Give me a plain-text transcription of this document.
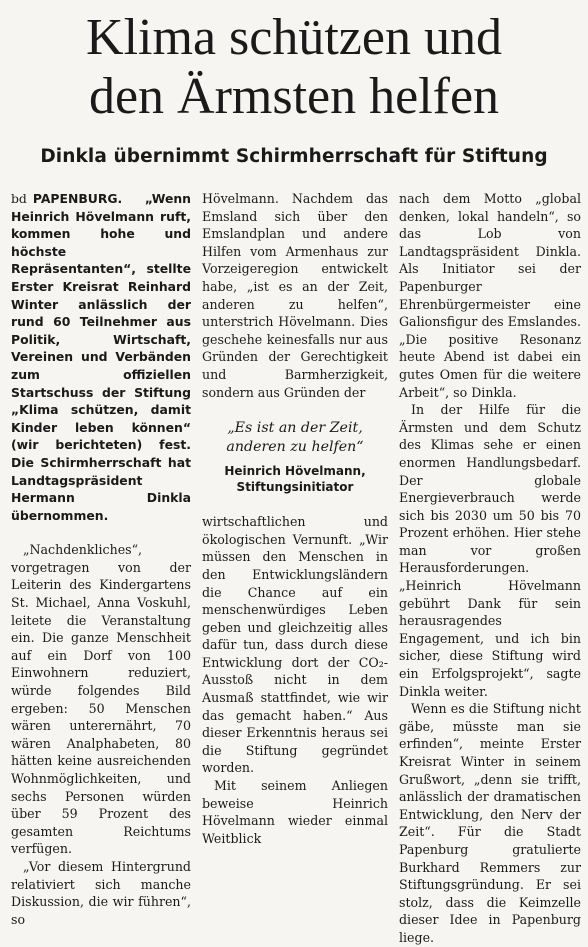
Klima schützen und
den Ärmsten helfen
Dinkla übernimmt Schirmherrschaft für Stiftung

bd PAPENBURG. „Wenn Heinrich Hövelmann ruft, kommen hohe und höchste Repräsentanten“, stellte Erster Kreisrat Reinhard Winter anlässlich der rund 60 Teilnehmer aus Politik, Wirtschaft, Vereinen und Verbänden zum offiziellen Startschuss der Stiftung „Klima schützen, damit Kinder leben können“ (wir berichteten) fest. Die Schirmherrschaft hat Landtagspräsident Hermann Dinkla übernommen.

„Nachdenkliches“, vorgetragen von der Leiterin des Kindergartens St. Michael, Anna Voskuhl, leitete die Veranstaltung ein. Die ganze Menschheit auf ein Dorf von 100 Einwohnern reduziert, würde folgendes Bild ergeben: 50 Menschen wären unterernährt, 70 wären Analphabeten, 80 hätten keine ausreichenden Wohnmöglichkeiten, und sechs Personen würden über 59 Prozent des gesamten Reichtums verfügen.

„Vor diesem Hintergrund relativiert sich manche Diskussion, die wir führen“, so

Hövelmann. Nachdem das Emsland sich über den Emslandplan und andere Hilfen vom Armenhaus zur Vorzeigeregion entwickelt habe, „ist es an der Zeit, anderen zu helfen“, unterstrich Hövelmann. Dies geschehe keinesfalls nur aus Gründen der Gerechtigkeit und Barmherzigkeit, sondern aus Gründen der

„Es ist an der Zeit, anderen zu helfen“
Heinrich Hövelmann,
Stiftungsinitiator

wirtschaftlichen und ökologischen Vernunft. „Wir müssen den Menschen in den Entwicklungsländern die Chance auf ein menschenwürdiges Leben geben und gleichzeitig alles dafür tun, dass durch diese Entwicklung dort der CO₂-Ausstoß nicht in dem Ausmaß stattfindet, wie wir das gemacht haben.“ Aus dieser Erkenntnis heraus sei die Stiftung gegründet worden.

Mit seinem Anliegen beweise Heinrich Hövelmann wieder einmal Weitblick

nach dem Motto „global denken, lokal handeln“, so das Lob von Landtagspräsident Dinkla. Als Initiator sei der Papenburger Ehrenbürgermeister eine Galionsfigur des Emslandes. „Die positive Resonanz heute Abend ist dabei ein gutes Omen für die weitere Arbeit“, so Dinkla.

In der Hilfe für die Ärmsten und dem Schutz des Klimas sehe er einen enormen Handlungsbedarf. Der globale Energieverbrauch werde sich bis 2030 um 50 bis 70 Prozent erhöhen. Hier stehe man vor großen Herausforderungen. „Heinrich Hövelmann gebührt Dank für sein herausragendes Engagement, und ich bin sicher, diese Stiftung wird ein Erfolgsprojekt“, sagte Dinkla weiter.

Wenn es die Stiftung nicht gäbe, müsste man sie erfinden“, meinte Erster Kreisrat Winter in seinem Grußwort, „denn sie trifft, anlässlich der dramatischen Entwicklung, den Nerv der Zeit“. Für die Stadt Papenburg gratulierte Burkhard Remmers zur Stiftungsgründung. Er sei stolz, dass die Keimzelle dieser Idee in Papenburg liege.
